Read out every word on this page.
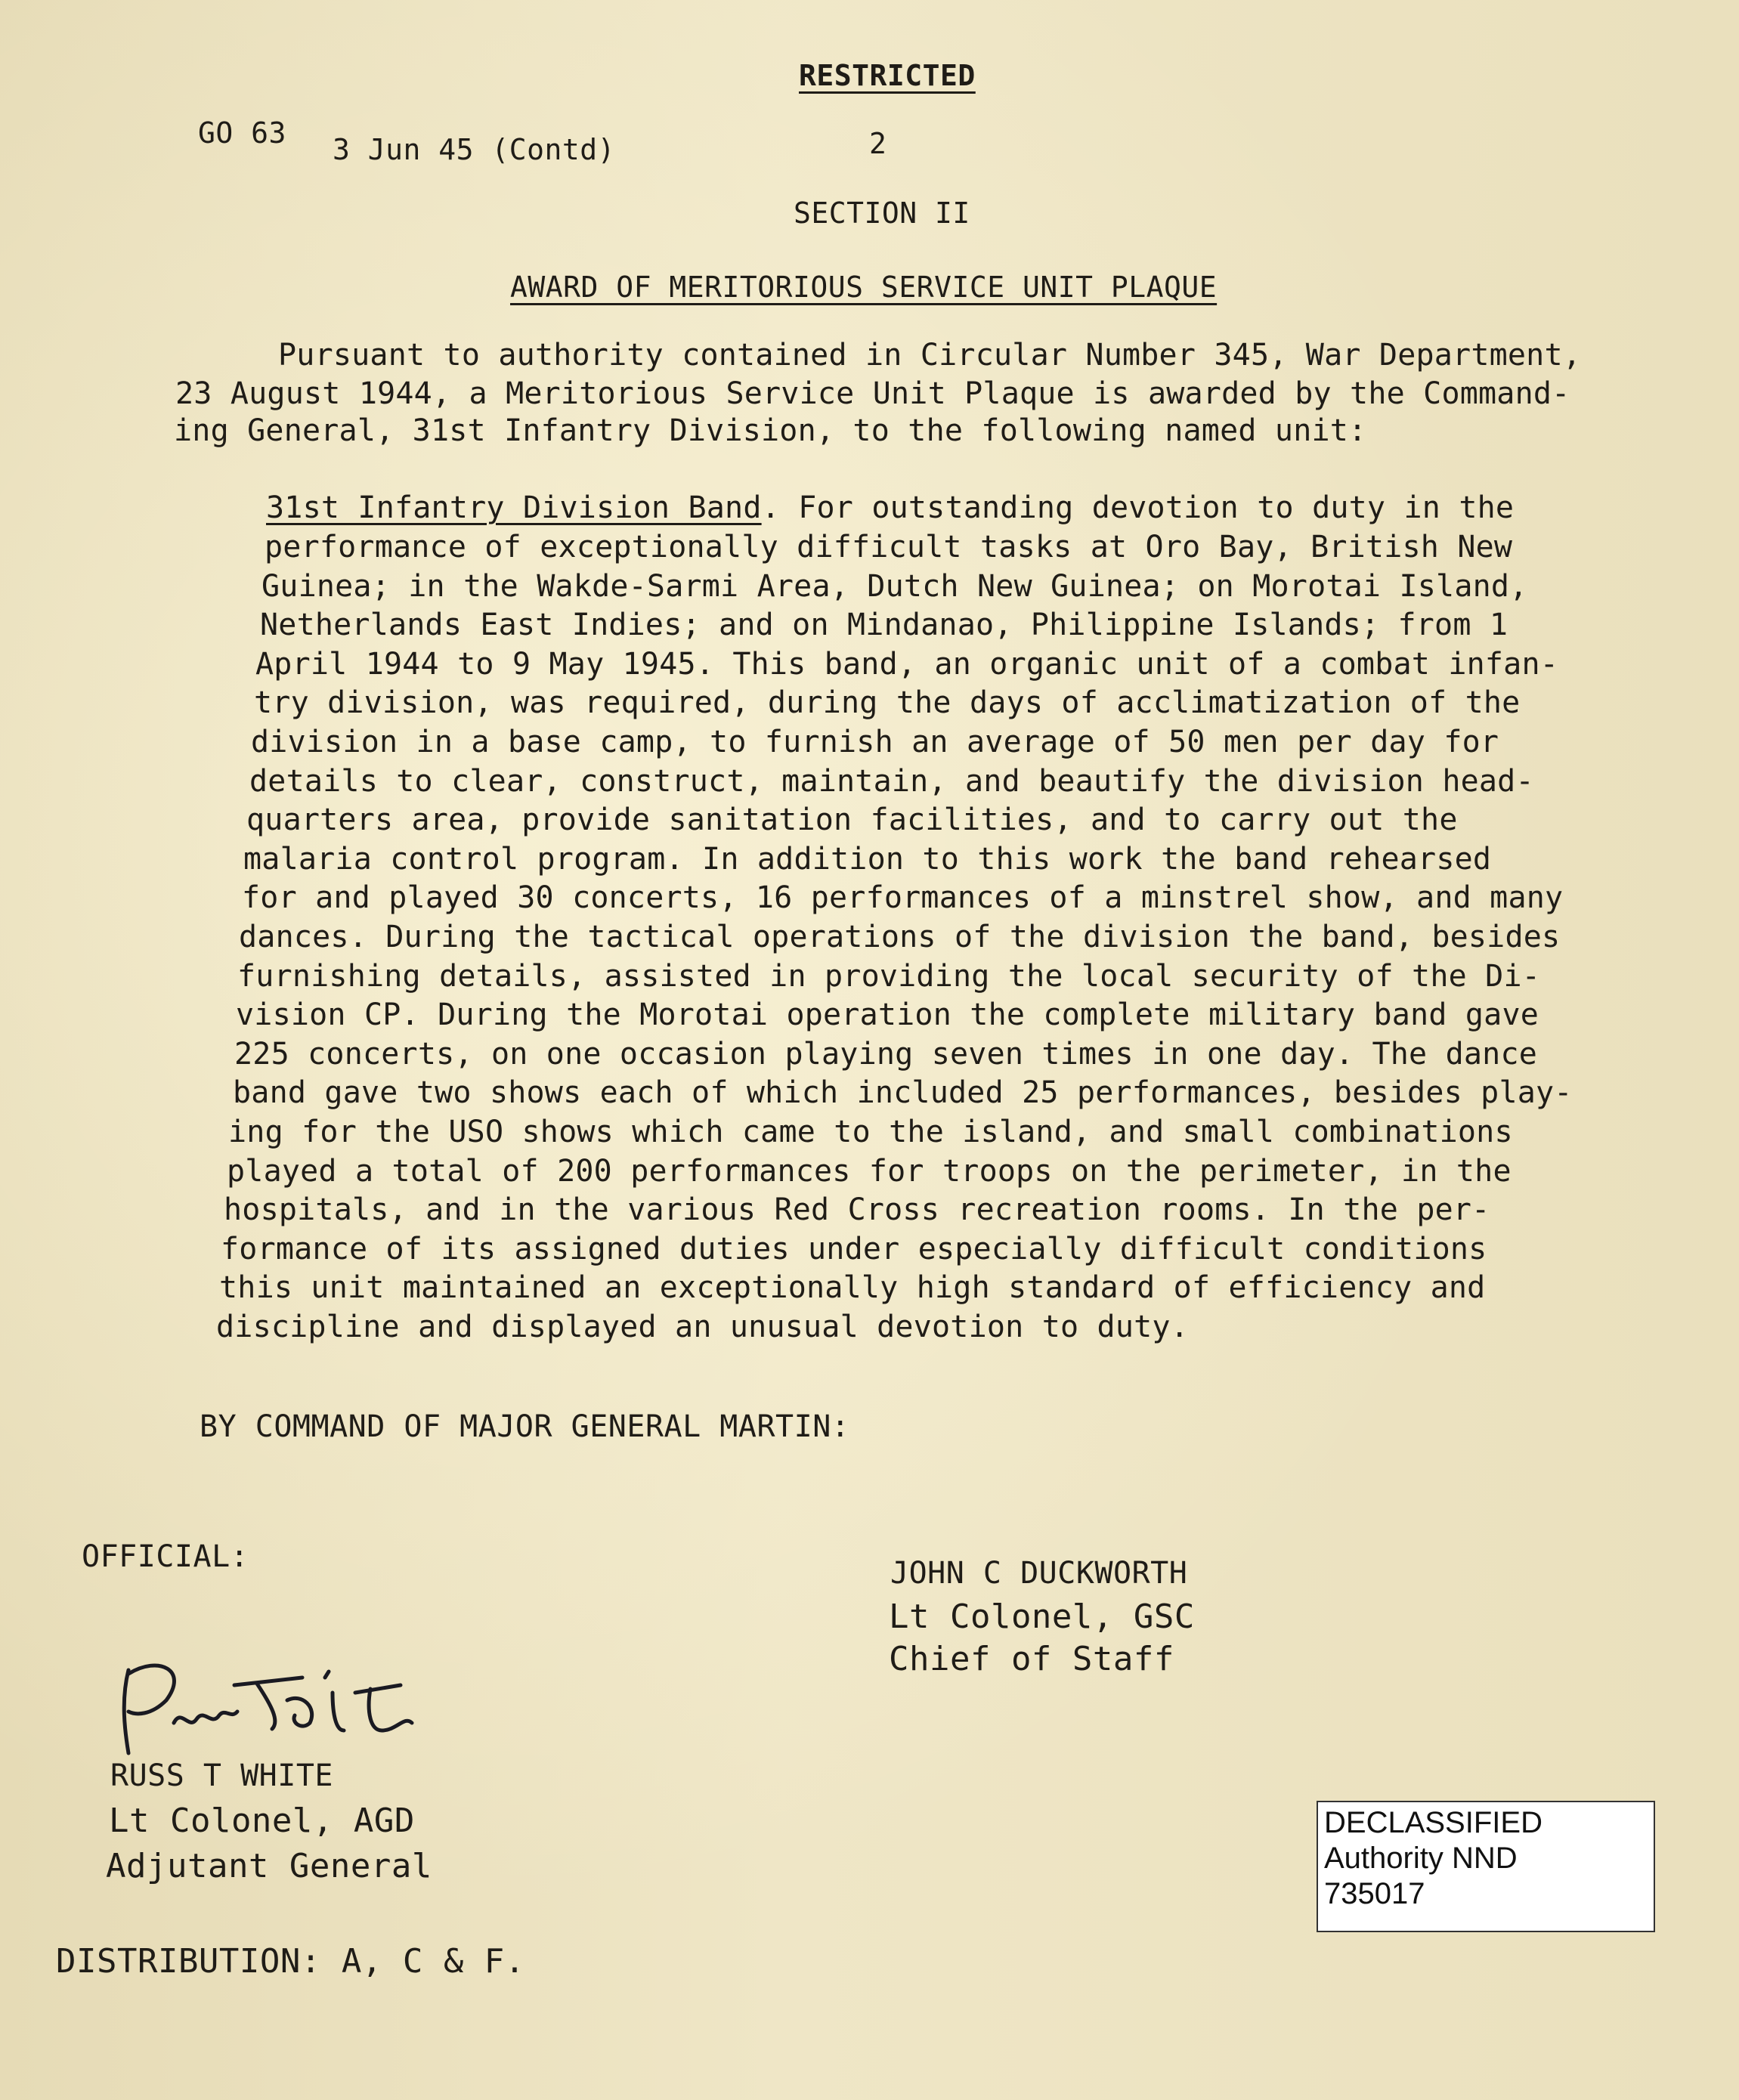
RESTRICTED
GO 63 3 Jun 45 (Contd)	2
SECTION II
AWARD OF MERITORIOUS SERVICE UNIT PLAQUE
Pursuant to authority contained in Circular Number 345, War Department,
23 August 1944, a Meritorious Service Unit Plaque is awarded by the Command-
ing General, 31st Infantry Division, to the following named unit:
31st Infantry Division Band. For outstanding devotion to duty in the
performance of exceptionally difficult tasks at Oro Bay, British New
Guinea; in the Wakde-Sarmi Area, Dutch New Guinea; on Morotai Island,
Netherlands East Indies; and on Mindanao, Philippine Islands; from 1
April 1944 to 9 May 1945. This band, an organic unit of a combat infan-
try division, was required, during the days of acclimatization of the
division in a base camp, to furnish an average of 50 men per day for
details to clear, construct, maintain, and beautify the division head-
quarters area, provide sanitation facilities, and to carry out the
malaria control program. In addition to this work the band rehearsed
for and played 30 concerts, 16 performances of a minstrel show, and many
dances. During the tactical operations of the division the band, besides
furnishing details, assisted in providing the local security of the Di-
vision CP. During the Morotai operation the complete military band gave
225 concerts, on one occasion playing seven times in one day. The dance
band gave two shows each of which included 25 performances, besides play-
ing for the USO shows which came to the island, and small combinations
played a total of 200 performances for troops on the perimeter, in the
hospitals, and in the various Red Cross recreation rooms. In the per-
formance of its assigned duties under especially difficult conditions
this unit maintained an exceptionally high standard of efficiency and
discipline and displayed an unusual devotion to duty.
BY COMMAND OF MAJOR GENERAL MARTIN:
OFFICIAL:	JOHN C DUCKWORTH
Lt Colonel, GSC
Chief of Staff
RUSS T WHITE
Lt Colonel, AGD
Adjutant General
DISTRIBUTION: A, C & F.
DECLASSIFIED
Authority NND
735017
